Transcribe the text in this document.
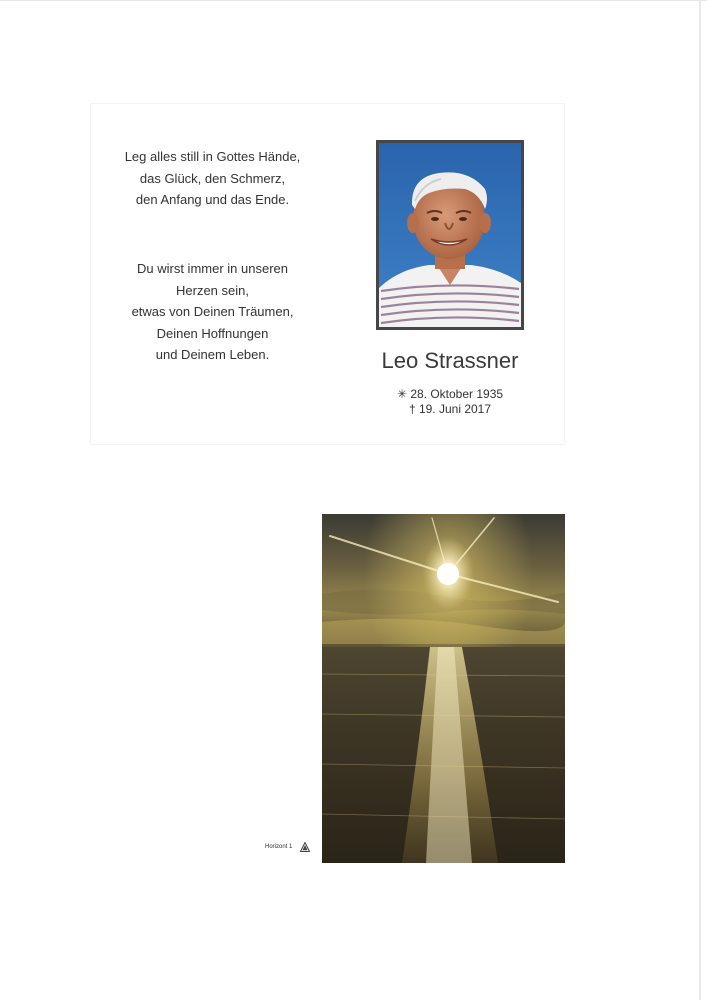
Leg alles still in Gottes Hände,
das Glück, den Schmerz,
den Anfang und das Ende.
Du wirst immer in unseren
Herzen sein,
etwas von Deinen Träumen,
Deinen Hoffnungen
und Deinem Leben.	Leo Strassner
✳ 28. Oktober 1935
† 19. Juni 2017
Horizont 1
